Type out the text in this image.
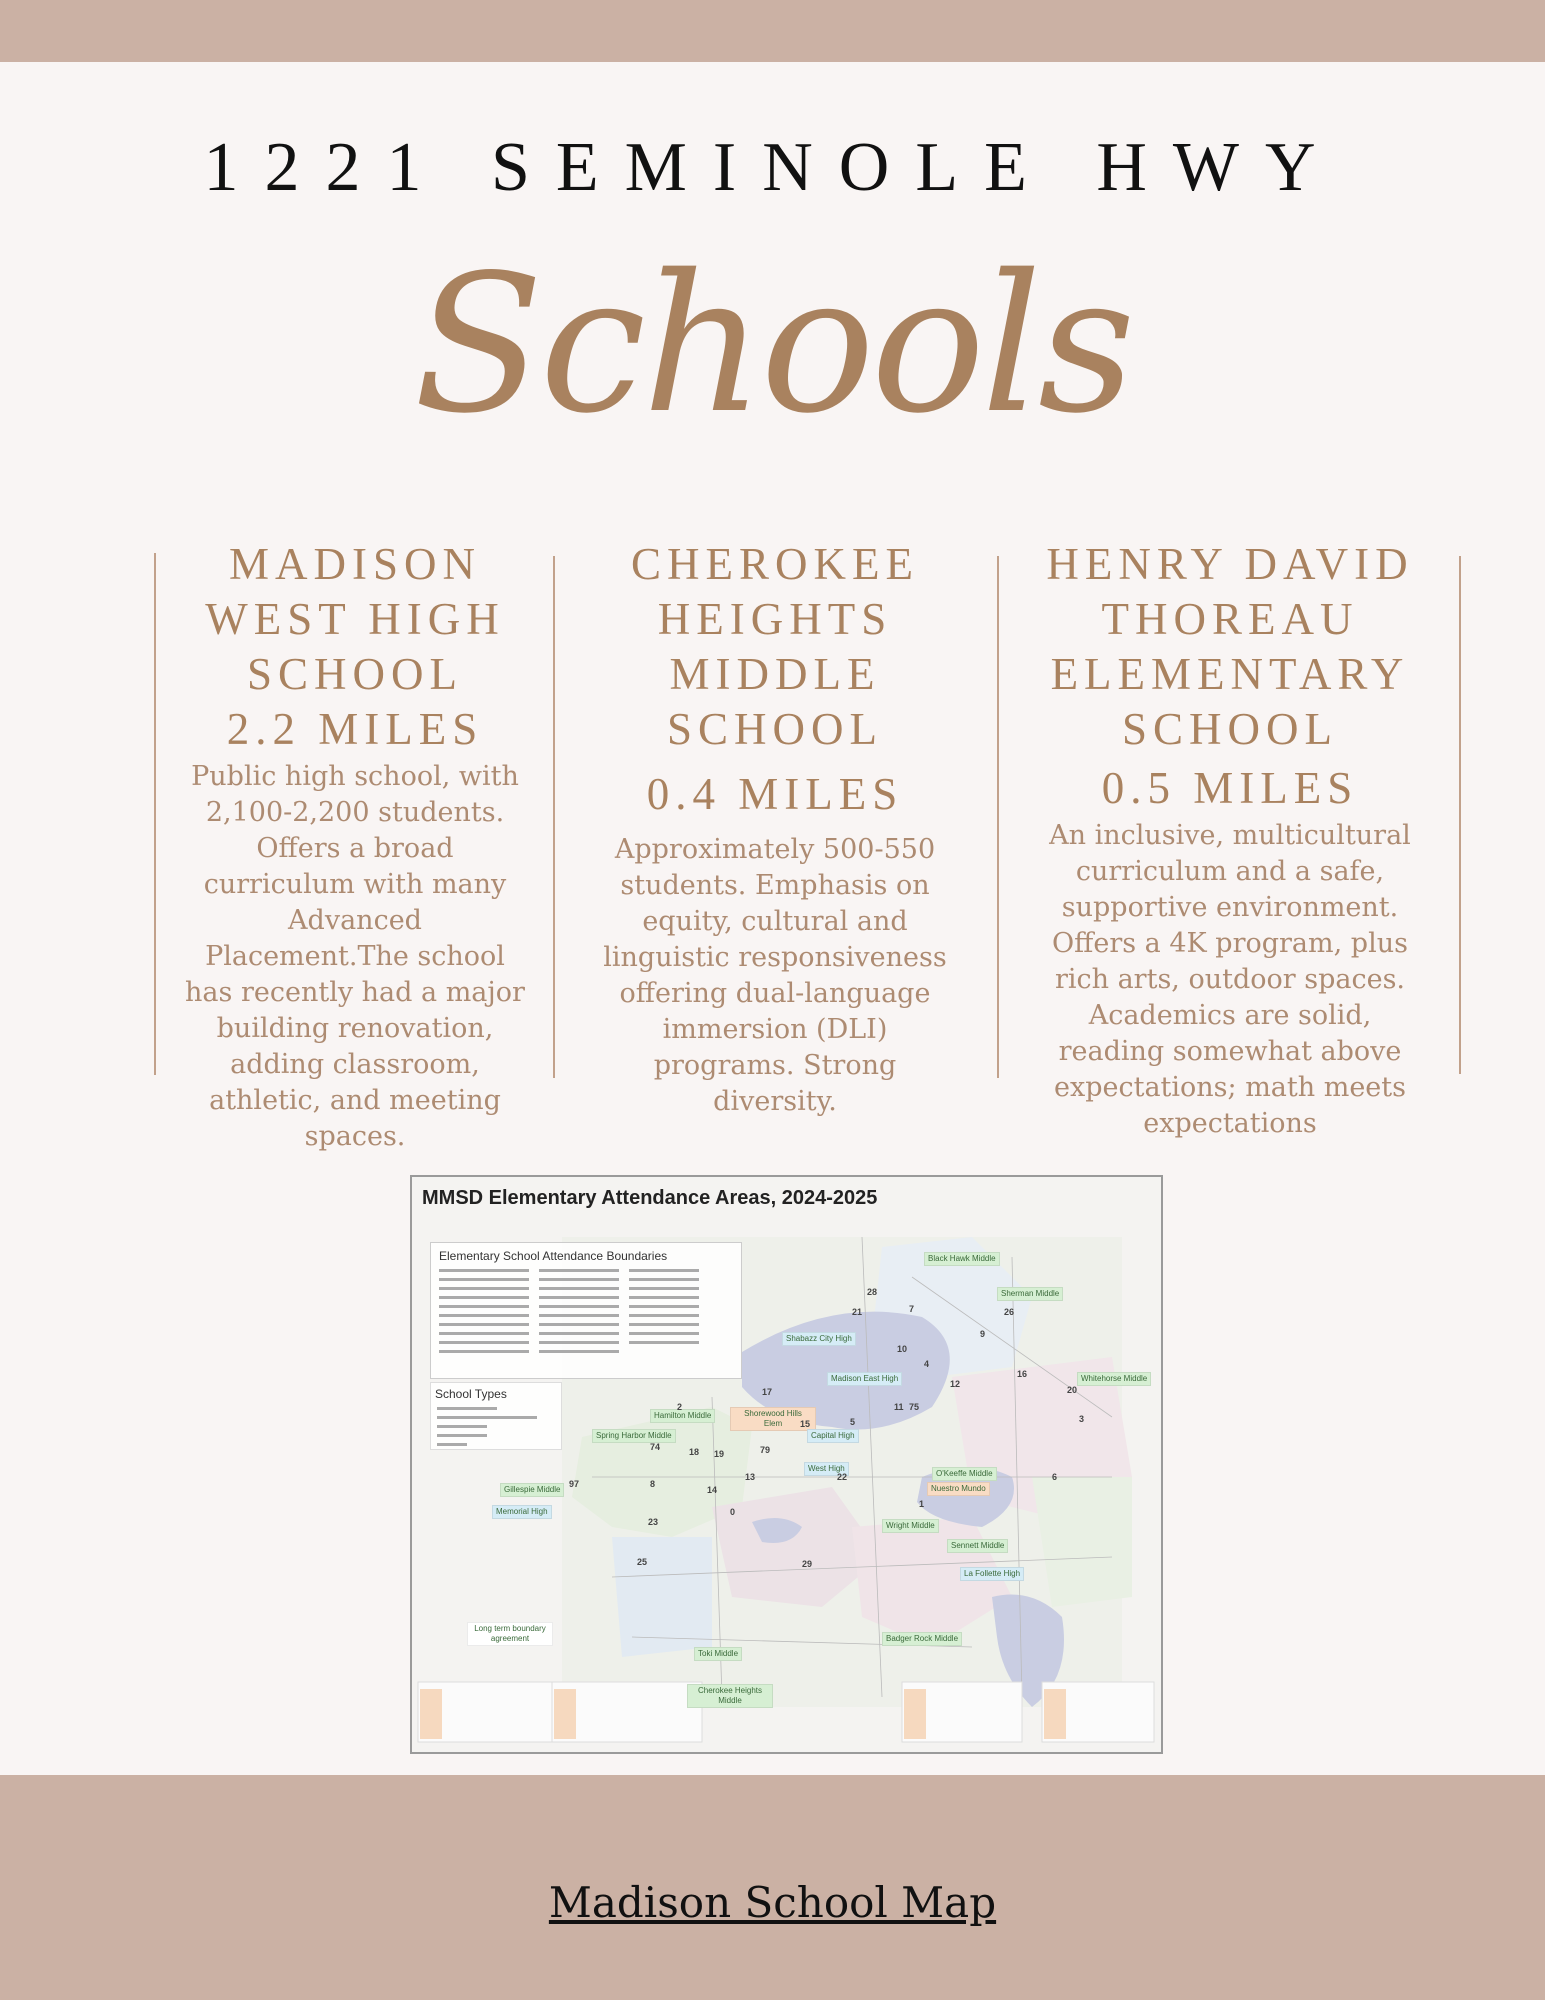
1221 SEMINOLE HWY
Schools
MADISON
WEST HIGH
SCHOOL
2.2 MILES
Public high school, with
2,100-2,200 students.
Offers a broad
curriculum with many
Advanced
Placement.The school
has recently had a major
building renovation,
adding classroom,
athletic, and meeting
spaces.
CHEROKEE
HEIGHTS
MIDDLE
SCHOOL
0.4 MILES
Approximately 500-550
students. Emphasis on
equity, cultural and
linguistic responsiveness
offering dual-language
immersion (DLI)
programs. Strong
diversity.
HENRY DAVID
THOREAU
ELEMENTARY
SCHOOL
0.5 MILES
An inclusive, multicultural
curriculum and a safe,
supportive environment.
Offers a 4K program, plus
rich arts, outdoor spaces.
Academics are solid,
reading somewhat above
expectations; math meets
expectations
MMSD Elementary Attendance Areas, 2024-2025
Elementary School Attendance Boundaries
School Types
Black Hawk Middle
Sherman Middle
Shabazz City High
Madison East High	Whitehorse Middle
Hamilton Middle	Shorewood Hills Elem
Capital High
Spring Harbor Middle
O'Keeffe Middle
Nuestro Mundo
West High
Gillespie Middle
Memorial High
Wright Middle
Sennett Middle
La Follette High
Toki Middle
Badger Rock Middle
Cherokee Heights Middle
Long term boundary agreement
28
21	7	26
9
10
4
16
12
20
17
11 75
2
3
15	5
74	18 19	79
6
13	22
97	8
14
1
0
23
25	29
Madison School Map
